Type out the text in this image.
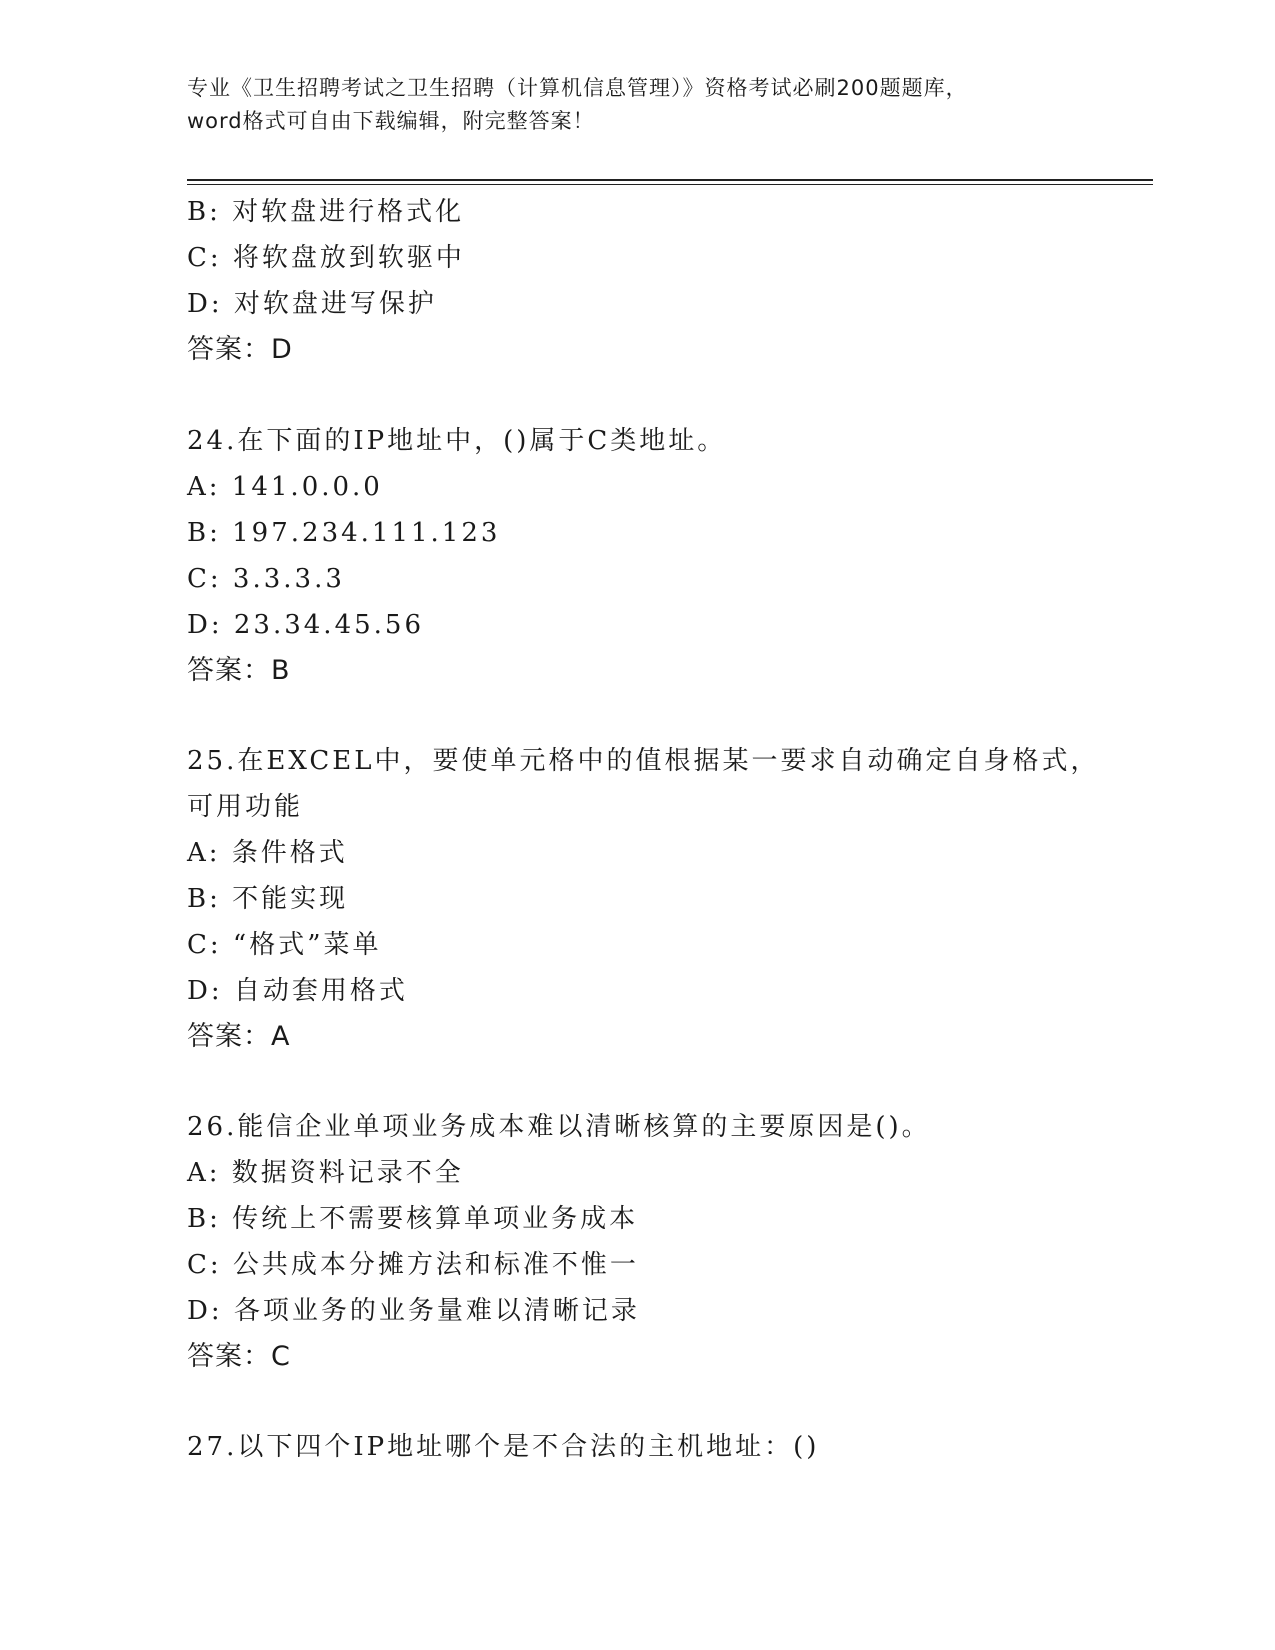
专业《卫生招聘考试之卫生招聘（计算机信息管理）》资格考试必刷200题题库，
word格式可自由下载编辑，附完整答案！
B: 对软盘进行格式化
C: 将软盘放到软驱中
D: 对软盘进写保护
答案：D
24.在下面的IP地址中，()属于C类地址。
A: 141.0.0.0
B: 197.234.111.123
C: 3.3.3.3
D: 23.34.45.56
答案：B
25.在EXCEL中，要使单元格中的值根据某一要求自动确定自身格式，
可用功能
A: 条件格式
B: 不能实现
C: “格式”菜单
D: 自动套用格式
答案：A
26.能信企业单项业务成本难以清晰核算的主要原因是()。
A: 数据资料记录不全
B: 传统上不需要核算单项业务成本
C: 公共成本分摊方法和标准不惟一
D: 各项业务的业务量难以清晰记录
答案：C
27.以下四个IP地址哪个是不合法的主机地址：()
